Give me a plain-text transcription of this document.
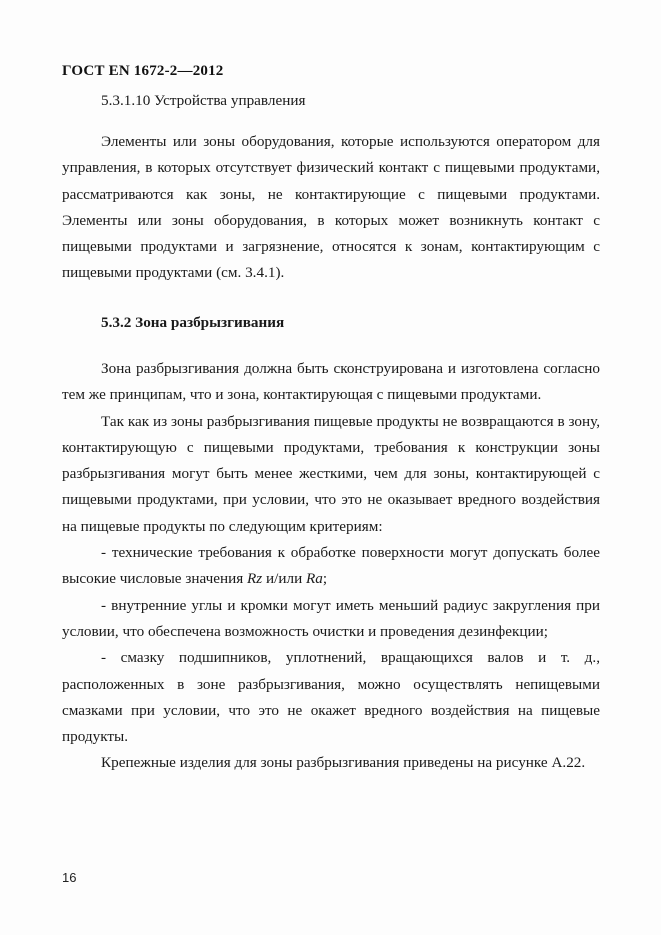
ГОСТ EN 1672-2—2012

5.3.1.10 Устройства управления

Элементы или зоны оборудования, которые используются оператором для управления, в которых отсутствует физический контакт с пищевыми продуктами, рассматриваются как зоны, не контактирующие с пищевыми продуктами. Элементы или зоны оборудования, в которых может возникнуть контакт с пищевыми продуктами и загрязнение, относятся к зонам, контактирующим с пищевыми продуктами (см. 3.4.1).

5.3.2 Зона разбрызгивания

Зона разбрызгивания должна быть сконструирована и изготовлена согласно тем же принципам, что и зона, контактирующая с пищевыми продуктами.

Так как из зоны разбрызгивания пищевые продукты не возвращаются в зону, контактирующую с пищевыми продуктами, требования к конструкции зоны разбрызгивания могут быть менее жесткими, чем для зоны, контактирующей с пищевыми продуктами, при условии, что это не оказывает вредного воздействия на пищевые продукты по следующим критериям:

- технические требования к обработке поверхности могут допускать более высокие числовые значения Rz и/или Ra;

- внутренние углы и кромки могут иметь меньший радиус закругления при условии, что обеспечена возможность очистки и проведения дезинфекции;

- смазку подшипников, уплотнений, вращающихся валов и т. д., расположенных в зоне разбрызгивания, можно осуществлять непищевыми смазками при условии, что это не окажет вредного воздействия на пищевые продукты.

Крепежные изделия для зоны разбрызгивания приведены на рисунке А.22.

16
